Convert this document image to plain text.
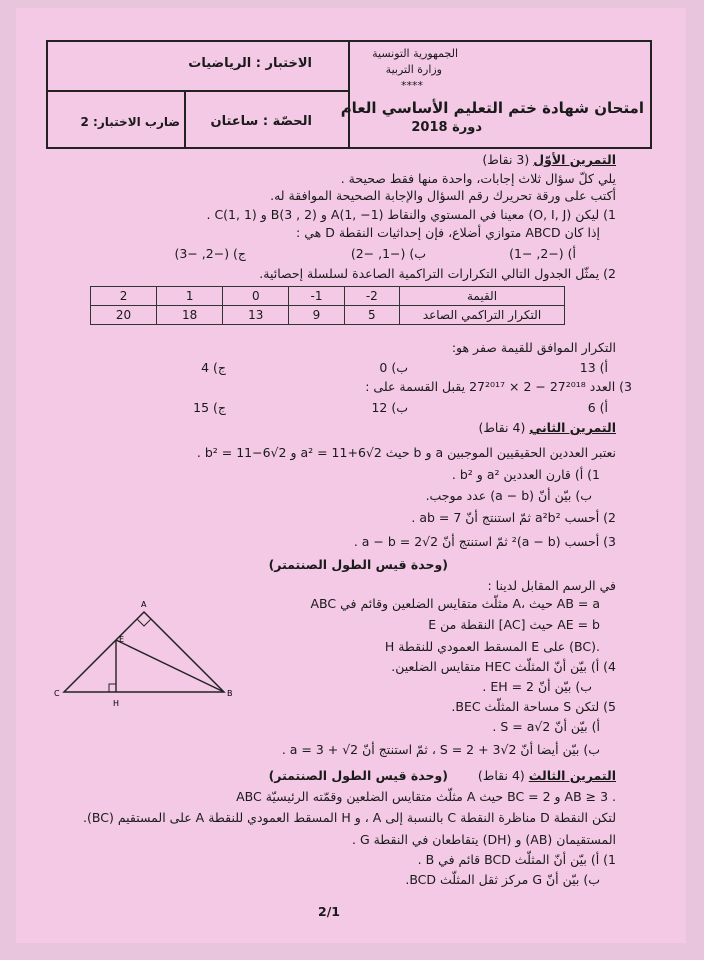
الجمهورية التونسية
وزارة التربية
****
امتحان شهادة ختم التعليم الأساسي العام
دورة 2018
الاختبار : الرياضيات
الحصّة : ساعتان
ضارب الاختبار: 2
التمرين الأوّل (3 نقاط)
يلي كلّ سؤال ثلاث إجابات، واحدة منها فقط صحيحة .
أكتب على ورقة تحريرك رقم السؤال والإجابة الصحيحة الموافقة له.
1) ليكن (O, I, J) معينا في المستوي والنقاط A(1, −1) و B(3 , 2) و C(1, 1) .
إذا كان ABCD متوازي أضلاع، فإن إحداثيات النقطة D هي :
أ) (−2, −1)
ب) (−1, −2)
ج) (−2, −3)
2) يمثّل الجدول التالي التكرارات التراكمية الصاعدة لسلسلة إحصائية.
2	1	0	-1	-2	القيمة
20	18	13	9	5	التكرار التراكمي الصاعد
التكرار الموافق للقيمة صفر هو:
أ) 13
ب) 0
ج) 4
3) العدد 27²⁰¹⁸ − 2 × 27²⁰¹⁷ يقبل القسمة على :
أ) 6
ب) 12
ج) 15
التمرين الثاني (4 نقاط)
نعتبر العددين الحقيقيين الموجبين a و b حيث a² = 11+6√2 و b² = 11−6√2 .
1) أ) قارن العددين a² و b² .
ب) بيّن أنّ (a − b) عدد موجب.
2) أحسب a²b² ثمّ استنتج أنّ ab = 7 .
3) أحسب (a − b)² ثمّ استنتج أنّ a − b = 2√2 .
(وحدة قيس الطول الصنتمتر)
في الرسم المقابل لدينا :
ABC مثلّث متقايس الضلعين وقائم في A، حيث AB = a
E النقطة من [AC] حيث AE = b
H المسقط العمودي للنقطة E على (BC).
4) أ) بيّن أنّ المثلّث HEC متقايس الضلعين.
ب) بيّن أنّ EH = 2 .
5) لتكن S مساحة المثلّث BEC.
أ) بيّن أنّ S = a√2 .
ب) بيّن أيضا أنّ S = 2 + 3√2 ، ثمّ استنتج أنّ a = 3 + √2 .
A
B
C
E
H
التمرين الثالث (4 نقاط)
(وحدة قيس الطول الصنتمتر)
ABC مثلّث متقايس الضلعين وقمّته الرئيسيّة A حيث BC = 2 و AB ≥ 3 .
لتكن النقطة D مناظرة النقطة C بالنسبة إلى A ، و H المسقط العمودي للنقطة A على المستقيم (BC).
المستقيمان (AB) و (DH) يتقاطعان في النقطة G .
1) أ) بيّن أنّ المثلّث BCD قائم في B .
ب) بيّن أنّ G مركز ثقل المثلّث BCD.
2/1
